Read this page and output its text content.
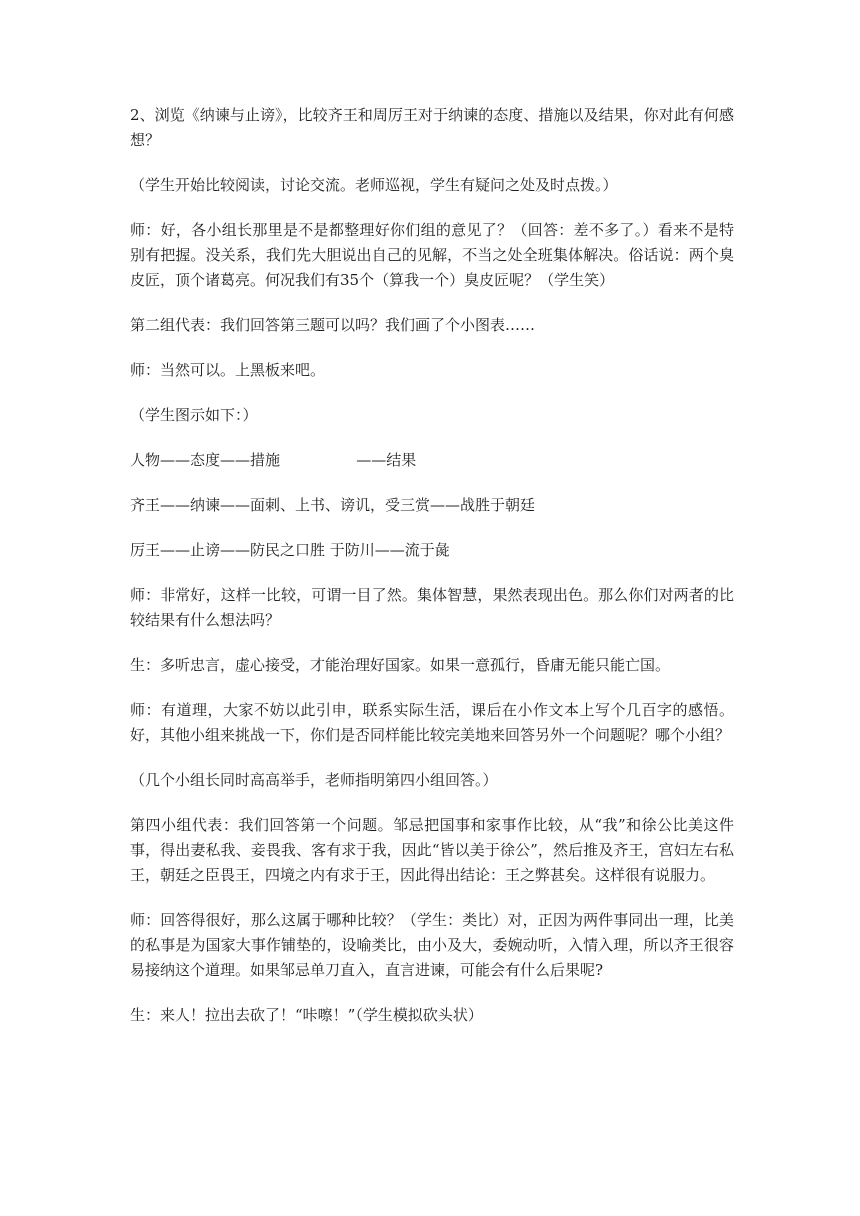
2、浏览《纳谏与止谤》，比较齐王和周厉王对于纳谏的态度、措施以及结果，你对此有何感想？

（学生开始比较阅读，讨论交流。老师巡视，学生有疑问之处及时点拨。）

师：好，各小组长那里是不是都整理好你们组的意见了？（回答：差不多了。）看来不是特别有把握。没关系，我们先大胆说出自己的见解，不当之处全班集体解决。俗话说：两个臭皮匠，顶个诸葛亮。何况我们有35个（算我一个）臭皮匠呢？（学生笑）

第二组代表：我们回答第三题可以吗？我们画了个小图表……

师：当然可以。上黑板来吧。

（学生图示如下：）

人物——态度——措施                ——结果

齐王——纳谏——面刺、上书、谤讥，受三赏——战胜于朝廷

厉王——止谤——防民之口胜 于防川——流于彘

师：非常好，这样一比较，可谓一目了然。集体智慧，果然表现出色。那么你们对两者的比较结果有什么想法吗？

生：多听忠言，虚心接受，才能治理好国家。如果一意孤行，昏庸无能只能亡国。

师：有道理，大家不妨以此引申，联系实际生活，课后在小作文本上写个几百字的感悟。好，其他小组来挑战一下，你们是否同样能比较完美地来回答另外一个问题呢？哪个小组？

（几个小组长同时高高举手，老师指明第四小组回答。）

第四小组代表：我们回答第一个问题。邹忌把国事和家事作比较，从“我”和徐公比美这件事，得出妻私我、妾畏我、客有求于我，因此“皆以美于徐公”，然后推及齐王，宫妇左右私王，朝廷之臣畏王，四境之内有求于王，因此得出结论：王之弊甚矣。这样很有说服力。

师：回答得很好，那么这属于哪种比较？（学生：类比）对，正因为两件事同出一理，比美的私事是为国家大事作铺垫的，设喻类比，由小及大，委婉动听，入情入理，所以齐王很容易接纳这个道理。如果邹忌单刀直入，直言进谏，可能会有什么后果呢?

生：来人！拉出去砍了！“咔嚓！”（学生模拟砍头状）
